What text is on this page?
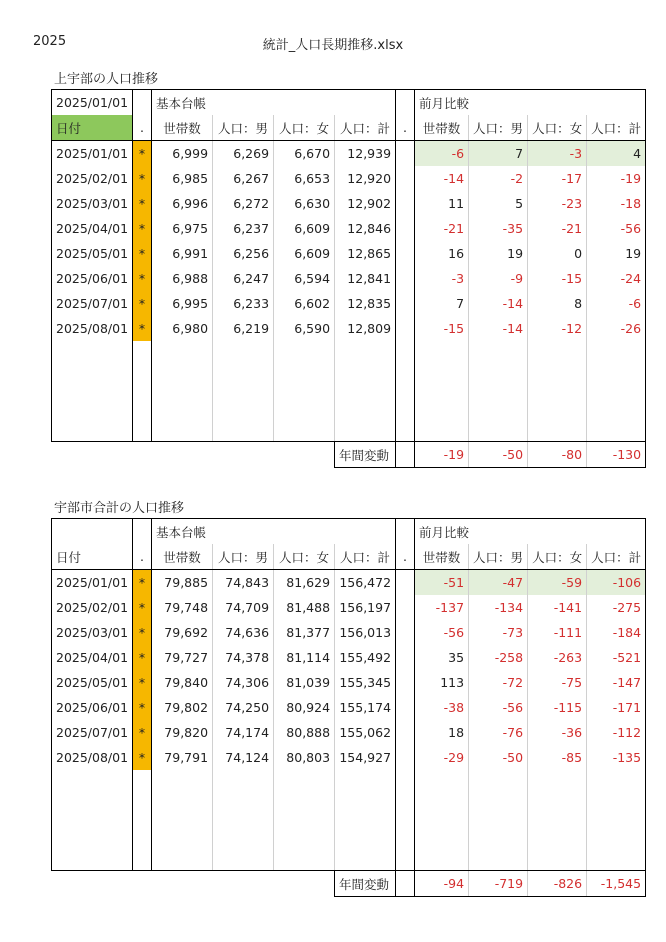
2025	統計_人口長期推移.xlsx
上宇部の人口推移
2025/01/01		基本台帳					前月比較			
日付	.	世帯数	人口：男	人口：女	人口：計	.	世帯数	人口：男	人口：女	人口：計
2025/01/01	*	6,999	6,269	6,670	12,939		-6	7	-3	4
2025/02/01	*	6,985	6,267	6,653	12,920		-14	-2	-17	-19
2025/03/01	*	6,996	6,272	6,630	12,902		11	5	-23	-18
2025/04/01	*	6,975	6,237	6,609	12,846		-21	-35	-21	-56
2025/05/01	*	6,991	6,256	6,609	12,865		16	19	0	19
2025/06/01	*	6,988	6,247	6,594	12,841		-3	-9	-15	-24
2025/07/01	*	6,995	6,233	6,602	12,835		7	-14	8	-6
2025/08/01	*	6,980	6,219	6,590	12,809		-15	-14	-12	-26

					年間変動		-19	-50	-80	-130
宇部市合計の人口推移
		基本台帳					前月比較			
日付	.	世帯数	人口：男	人口：女	人口：計	.	世帯数	人口：男	人口：女	人口：計
2025/01/01	*	79,885	74,843	81,629	156,472		-51	-47	-59	-106
2025/02/01	*	79,748	74,709	81,488	156,197		-137	-134	-141	-275
2025/03/01	*	79,692	74,636	81,377	156,013		-56	-73	-111	-184
2025/04/01	*	79,727	74,378	81,114	155,492		35	-258	-263	-521
2025/05/01	*	79,840	74,306	81,039	155,345		113	-72	-75	-147
2025/06/01	*	79,802	74,250	80,924	155,174		-38	-56	-115	-171
2025/07/01	*	79,820	74,174	80,888	155,062		18	-76	-36	-112
2025/08/01	*	79,791	74,124	80,803	154,927		-29	-50	-85	-135

					年間変動		-94	-719	-826	-1,545
